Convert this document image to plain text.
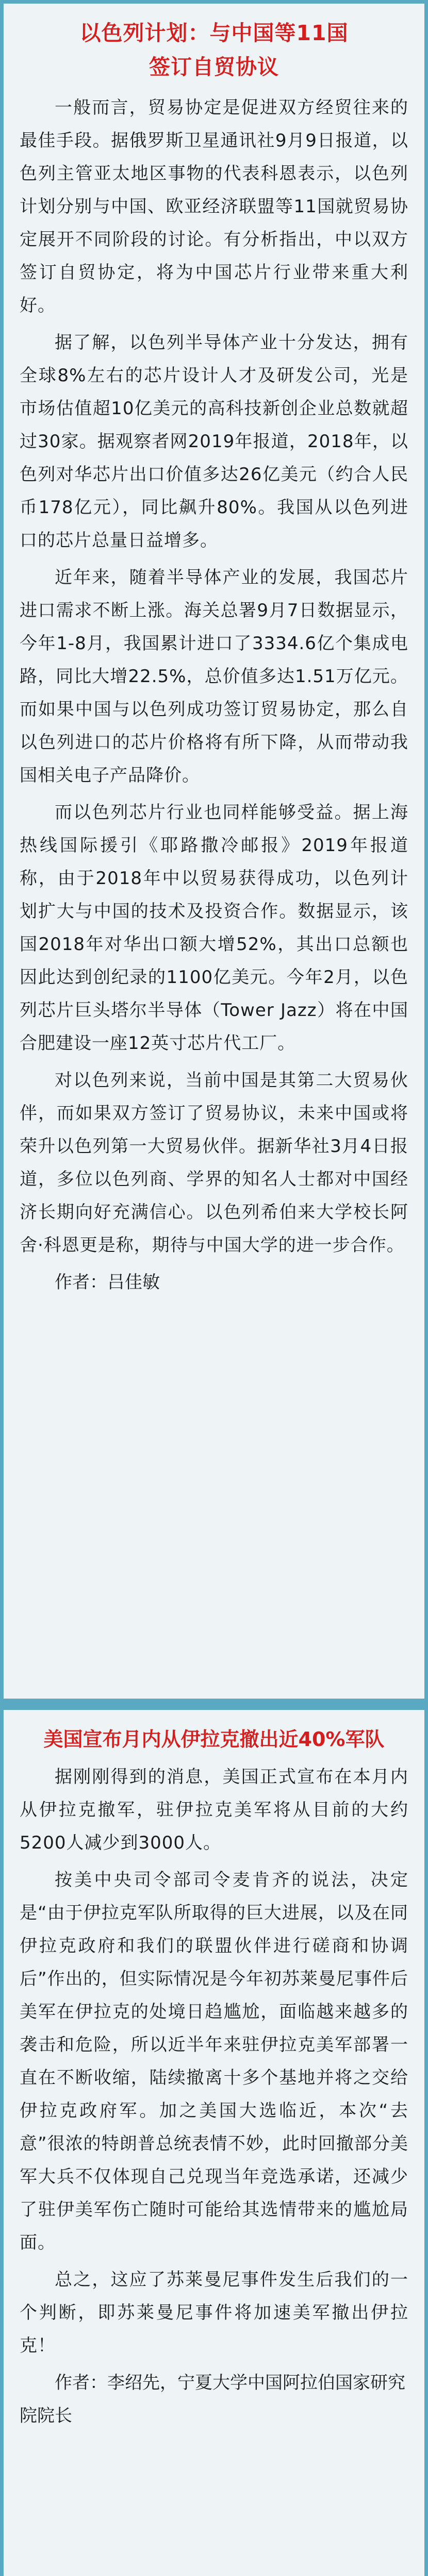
以色列计划：与中国等11国
签订自贸协议

一般而言，贸易协定是促进双方经贸往来的最佳手段。据俄罗斯卫星通讯社9月9日报道，以色列主管亚太地区事物的代表科恩表示，以色列计划分别与中国、欧亚经济联盟等11国就贸易协定展开不同阶段的讨论。有分析指出，中以双方签订自贸协定，将为中国芯片行业带来重大利好。

据了解，以色列半导体产业十分发达，拥有全球8%左右的芯片设计人才及研发公司，光是市场估值超10亿美元的高科技新创企业总数就超过30家。据观察者网2019年报道，2018年，以色列对华芯片出口价值多达26亿美元（约合人民币178亿元），同比飙升80%。我国从以色列进口的芯片总量日益增多。

近年来，随着半导体产业的发展，我国芯片进口需求不断上涨。海关总署9月7日数据显示，今年1-8月，我国累计进口了3334.6亿个集成电路，同比大增22.5%，总价值多达1.51万亿元。而如果中国与以色列成功签订贸易协定，那么自以色列进口的芯片价格将有所下降，从而带动我国相关电子产品降价。

而以色列芯片行业也同样能够受益。据上海热线国际援引《耶路撒冷邮报》2019年报道称，由于2018年中以贸易获得成功，以色列计划扩大与中国的技术及投资合作。数据显示，该国2018年对华出口额大增52%，其出口总额也因此达到创纪录的1100亿美元。今年2月，以色列芯片巨头塔尔半导体（Tower Jazz）将在中国合肥建设一座12英寸芯片代工厂。

对以色列来说，当前中国是其第二大贸易伙伴，而如果双方签订了贸易协议，未来中国或将荣升以色列第一大贸易伙伴。据新华社3月4日报道，多位以色列商、学界的知名人士都对中国经济长期向好充满信心。以色列希伯来大学校长阿舍·科恩更是称，期待与中国大学的进一步合作。

作者：吕佳敏

美国宣布月内从伊拉克撤出近40%军队

据刚刚得到的消息，美国正式宣布在本月内从伊拉克撤军，驻伊拉克美军将从目前的大约5200人减少到3000人。

按美中央司令部司令麦肯齐的说法，决定是“由于伊拉克军队所取得的巨大进展，以及在同伊拉克政府和我们的联盟伙伴进行磋商和协调后”作出的，但实际情况是今年初苏莱曼尼事件后美军在伊拉克的处境日趋尴尬，面临越来越多的袭击和危险，所以近半年来驻伊拉克美军部署一直在不断收缩，陆续撤离十多个基地并将之交给伊拉克政府军。加之美国大选临近，本次“去意”很浓的特朗普总统表情不妙，此时回撤部分美军大兵不仅体现自己兑现当年竞选承诺，还减少了驻伊美军伤亡随时可能给其选情带来的尴尬局面。

总之，这应了苏莱曼尼事件发生后我们的一个判断，即苏莱曼尼事件将加速美军撤出伊拉克！

作者：李绍先，宁夏大学中国阿拉伯国家研究院院长
